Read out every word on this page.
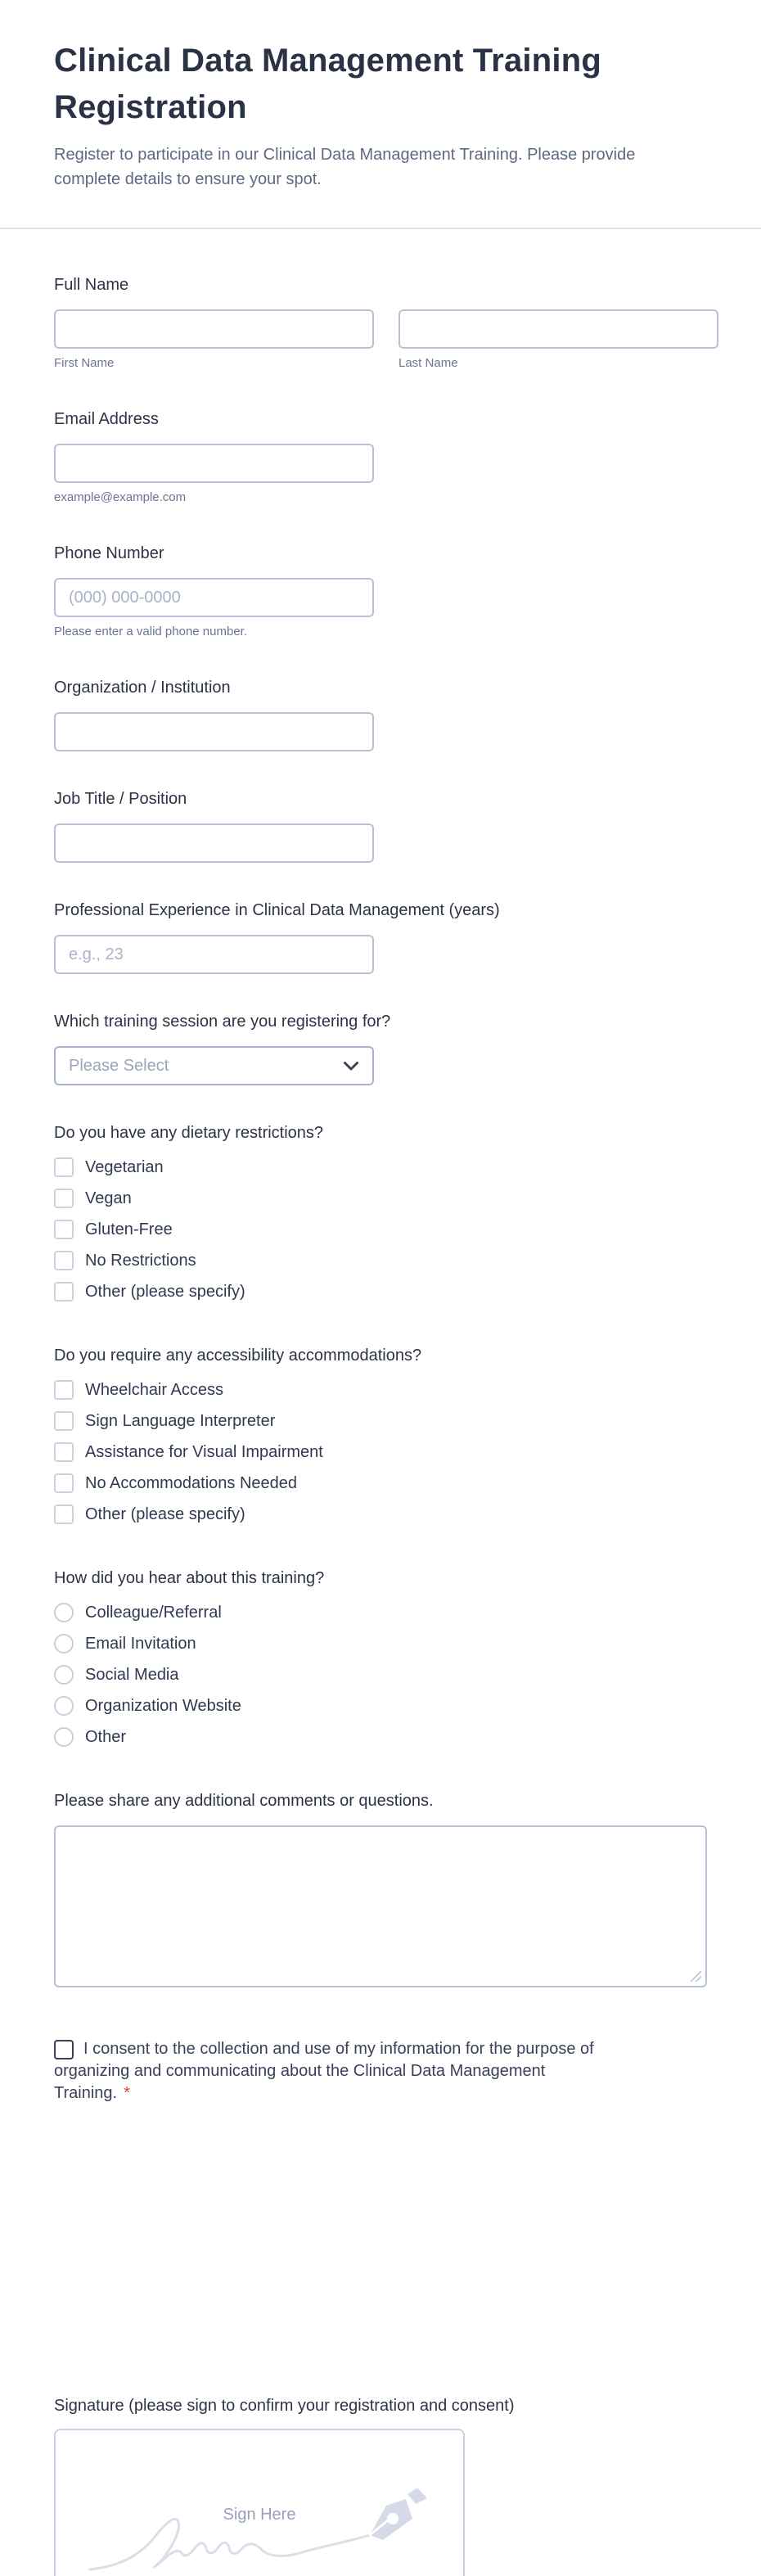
Clinical Data Management Training Registration

Register to participate in our Clinical Data Management Training. Please provide complete details to ensure your spot.

Full Name
First Name	Last Name
Email Address
example@example.com
Phone Number
(000) 000-0000
Please enter a valid phone number.
Organization / Institution
Job Title / Position
Professional Experience in Clinical Data Management (years)
e.g., 23
Which training session are you registering for?
Please Select
Do you have any dietary restrictions?
Vegetarian
Vegan
Gluten-Free
No Restrictions
Other (please specify)
Do you require any accessibility accommodations?
Wheelchair Access
Sign Language Interpreter
Assistance for Visual Impairment
No Accommodations Needed
Other (please specify)
How did you hear about this training?
Colleague/Referral
Email Invitation
Social Media
Organization Website
Other
Please share any additional comments or questions.
I consent to the collection and use of my information for the purpose of
organizing and communicating about the Clinical Data Management
Training. *
Signature (please sign to confirm your registration and consent)
Sign Here
